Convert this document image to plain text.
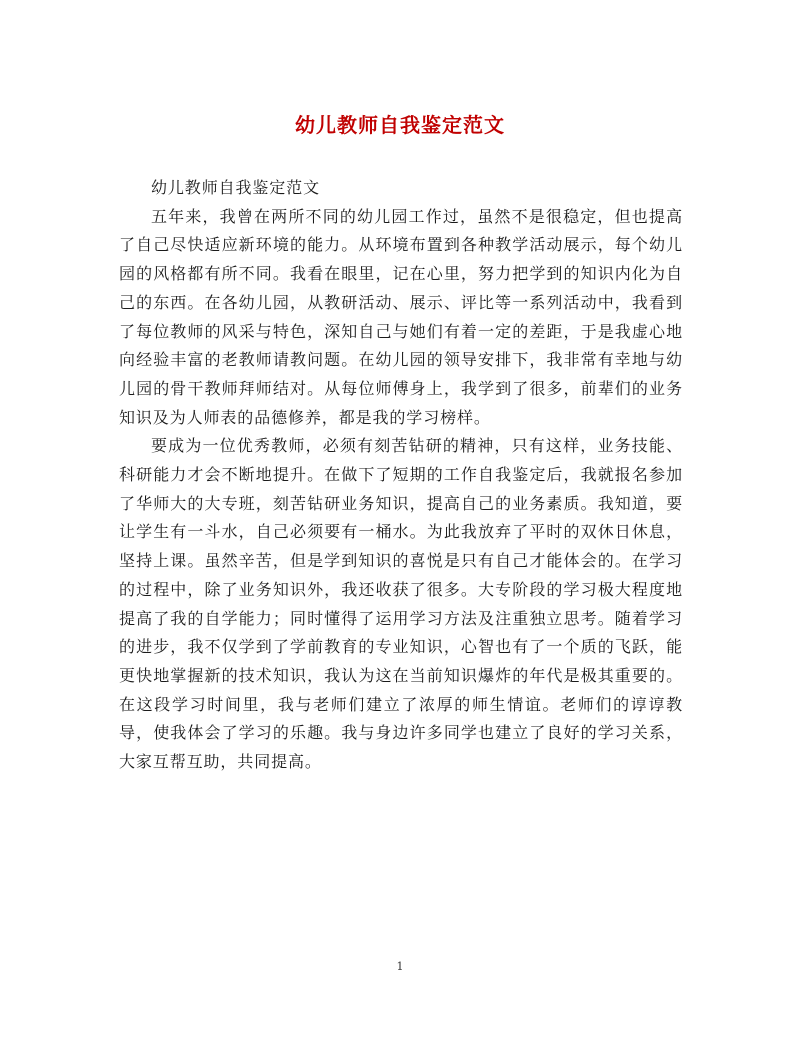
幼儿教师自我鉴定范文

幼儿教师自我鉴定范文

五年来，我曾在两所不同的幼儿园工作过，虽然不是很稳定，但也提高了自己尽快适应新环境的能力。从环境布置到各种教学活动展示，每个幼儿园的风格都有所不同。我看在眼里，记在心里，努力把学到的知识内化为自己的东西。在各幼儿园，从教研活动、展示、评比等一系列活动中，我看到了每位教师的风采与特色，深知自己与她们有着一定的差距，于是我虚心地向经验丰富的老教师请教问题。在幼儿园的领导安排下，我非常有幸地与幼儿园的骨干教师拜师结对。从每位师傅身上，我学到了很多，前辈们的业务知识及为人师表的品德修养，都是我的学习榜样。

要成为一位优秀教师，必须有刻苦钻研的精神，只有这样，业务技能、科研能力才会不断地提升。在做下了短期的工作自我鉴定后，我就报名参加了华师大的大专班，刻苦钻研业务知识，提高自己的业务素质。我知道，要让学生有一斗水，自己必须要有一桶水。为此我放弃了平时的双休日休息，坚持上课。虽然辛苦，但是学到知识的喜悦是只有自己才能体会的。在学习的过程中，除了业务知识外，我还收获了很多。大专阶段的学习极大程度地提高了我的自学能力；同时懂得了运用学习方法及注重独立思考。随着学习的进步，我不仅学到了学前教育的专业知识，心智也有了一个质的飞跃，能更快地掌握新的技术知识，我认为这在当前知识爆炸的年代是极其重要的。在这段学习时间里，我与老师们建立了浓厚的师生情谊。老师们的谆谆教导，使我体会了学习的乐趣。我与身边许多同学也建立了良好的学习关系，大家互帮互助，共同提高。

1
